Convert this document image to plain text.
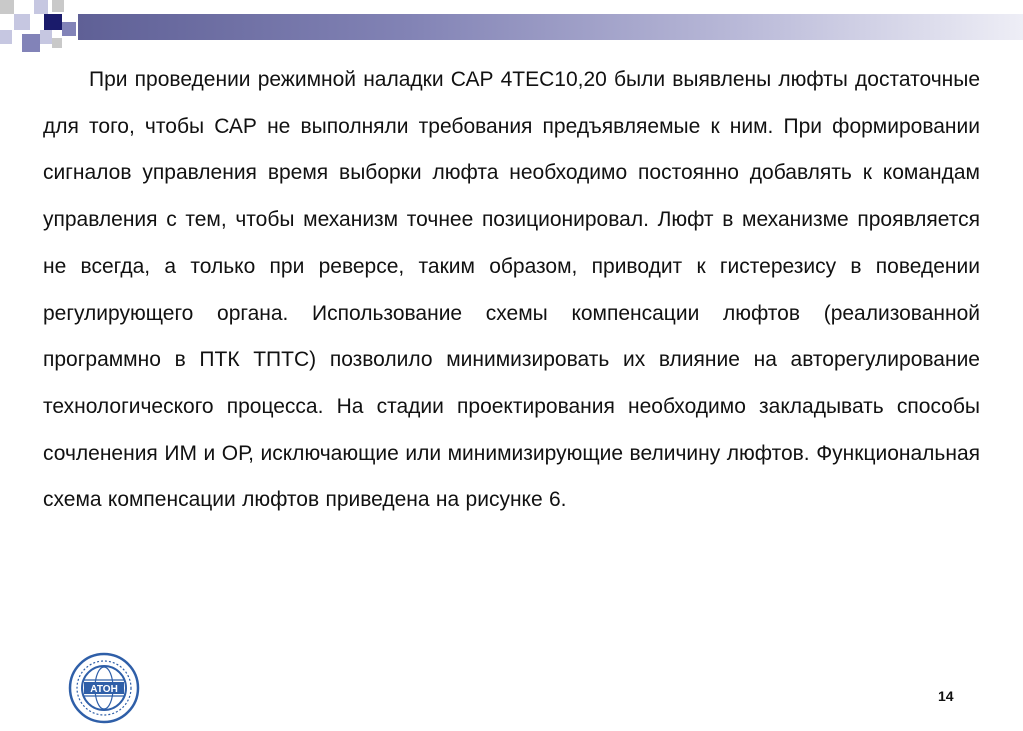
При проведении режимной наладки САР 4ТЕС10,20 были выявлены люфты достаточные для того, чтобы САР не выполняли требования предъявляемые к ним. При формировании сигналов управления время выборки люфта необходимо постоянно добавлять к командам управления с тем, чтобы механизм точнее позиционировал. Люфт в механизме проявляется не всегда, а только при реверсе, таким образом, приводит к гистерезису в поведении регулирующего органа. Использование схемы компенсации люфтов (реализованной программно в ПТК ТПТС) позволило минимизировать их влияние на авторегулирование технологического процесса. На стадии проектирования необходимо закладывать способы сочленения ИМ и ОР, исключающие или минимизирующие величину люфтов. Функциональная схема компенсации люфтов приведена на рисунке 6.

АТОН	14
